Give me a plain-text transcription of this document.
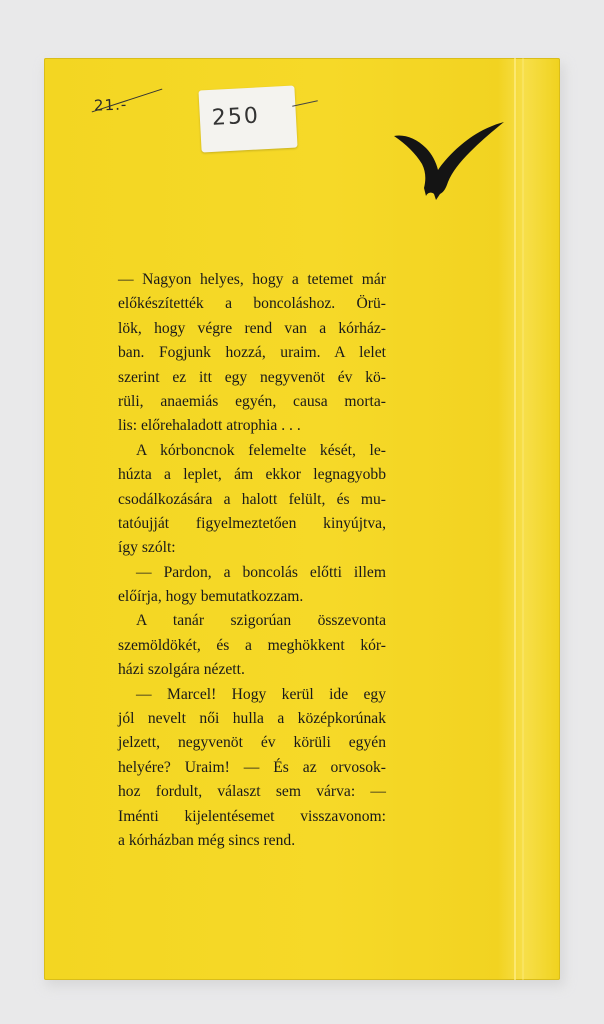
21.-	250
— Nagyon helyes, hogy a tetemet már
előkészítették a boncoláshoz. Örü-
lök, hogy végre rend van a kórház-
ban. Fogjunk hozzá, uraim. A lelet
szerint ez itt egy negyvenöt év kö-
rüli, anaemiás egyén, causa morta-
lis: előrehaladott atrophia . . .
A kórboncnok felemelte kését, le-
húzta a leplet, ám ekkor legnagyobb
csodálkozására a halott felült, és mu-
tatóujját figyelmeztetően kinyújtva,
így szólt:
— Pardon, a boncolás előtti illem
előírja, hogy bemutatkozzam.
A tanár szigorúan összevonta
szemöldökét, és a meghökkent kór-
házi szolgára nézett.
— Marcel! Hogy kerül ide egy
jól nevelt női hulla a középkorúnak
jelzett, negyvenöt év körüli egyén
helyére? Uraim! — És az orvosok-
hoz fordult, választ sem várva: —
Iménti kijelentésemet visszavonom:
a kórházban még sincs rend.
